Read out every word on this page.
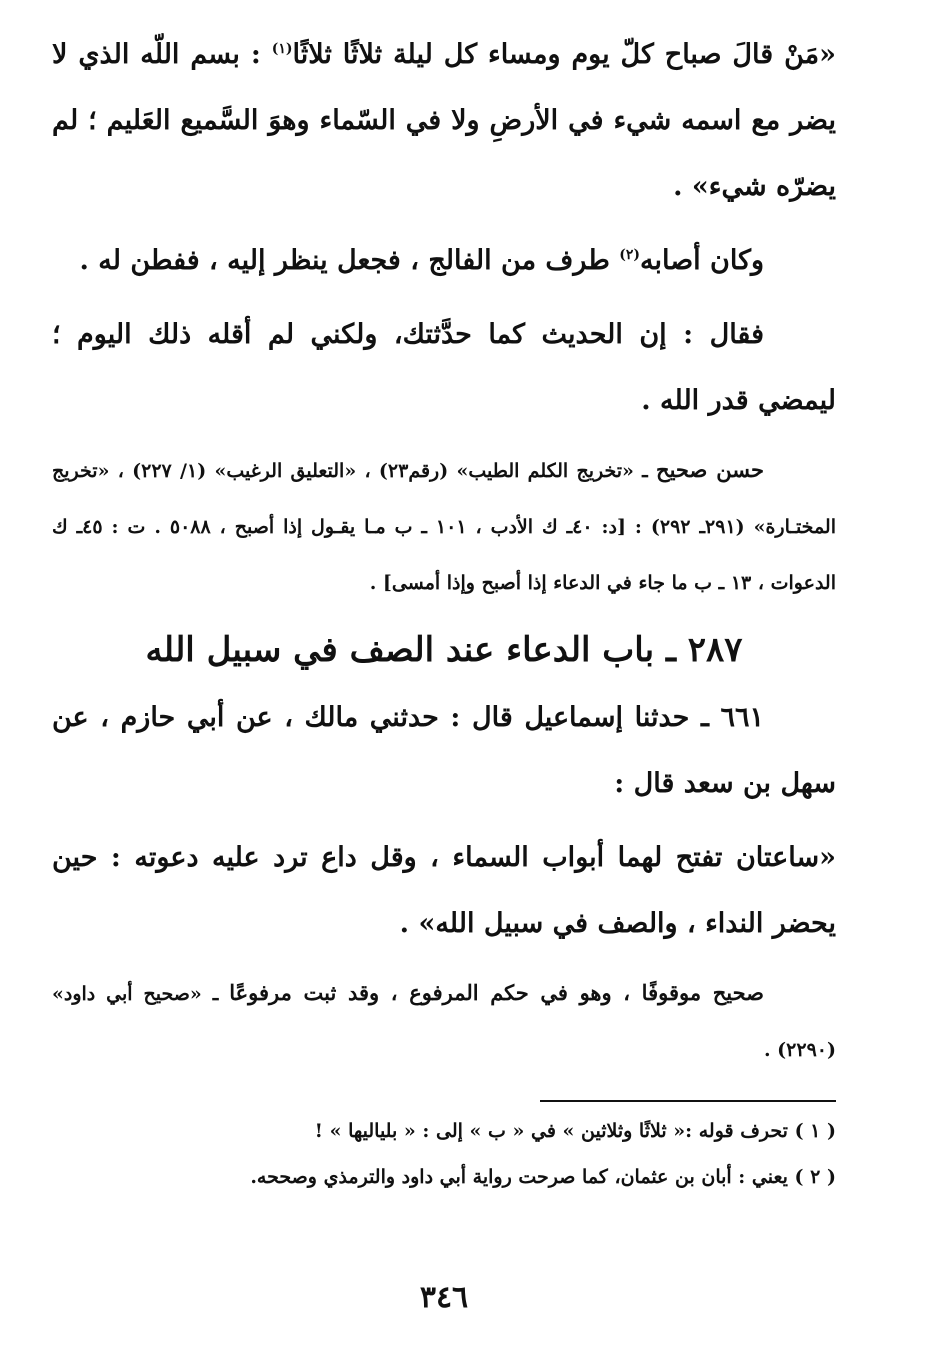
«مَنْ قالَ صباح كلّ يوم ومساء كل ليلة ثلاثًا ثلاثًا$^{(١)}$ : بسم اللّه الذي لا يضر مع اسمه شيء في الأرضِ ولا في السّماء وهوَ السَّميع العَليم ؛ لم يضرّه شيء» .

وكان أصابه$^{(٢)}$ طرف من الفالج ، فجعل ينظر إليه ، ففطن له .

فقال : إن الحديث كما حدَّثتك، ولكني لم أقله ذلك اليوم ؛ ليمضي قدر الله .

حسن صحيح ـ «تخريج الكلم الطيب» (رقم٢٣) ، «التعليق الرغيب» (١/ ٢٢٧) ، «تخريج المختـارة» (٢٩١ـ ٢٩٢) : [د: ٤٠ـ ك الأدب ، ١٠١ ـ ب مـا يقـول إذا أصبح ، ٥٠٨٨ . ت : ٤٥ـ ك الدعوات ، ١٣ ـ ب ما جاء في الدعاء إذا أصبح وإذا أمسى] .

٢٨٧ ـ باب الدعاء عند الصف في سبيل الله

٦٦١ ـ حدثنا إسماعيل قال : حدثني مالك ، عن أبي حازم ، عن سهل بن سعد قال :

«ساعتان تفتح لهما أبواب السماء ، وقل داع ترد عليه دعوته : حين يحضر النداء ، والصف في سبيل الله» .

صحيح موقوفًا ، وهو في حكم المرفوع ، وقد ثبت مرفوعًا ـ «صحيح أبي داود» (٢٢٩٠) .

( ١ ) تحرف قوله :« ثلاثًا وثلاثين » في « ب » إلى : « بلياليها » !

( ٢ ) يعني : أبان بن عثمان، كما صرحت رواية أبي داود والترمذي وصححه.

٣٤٦
